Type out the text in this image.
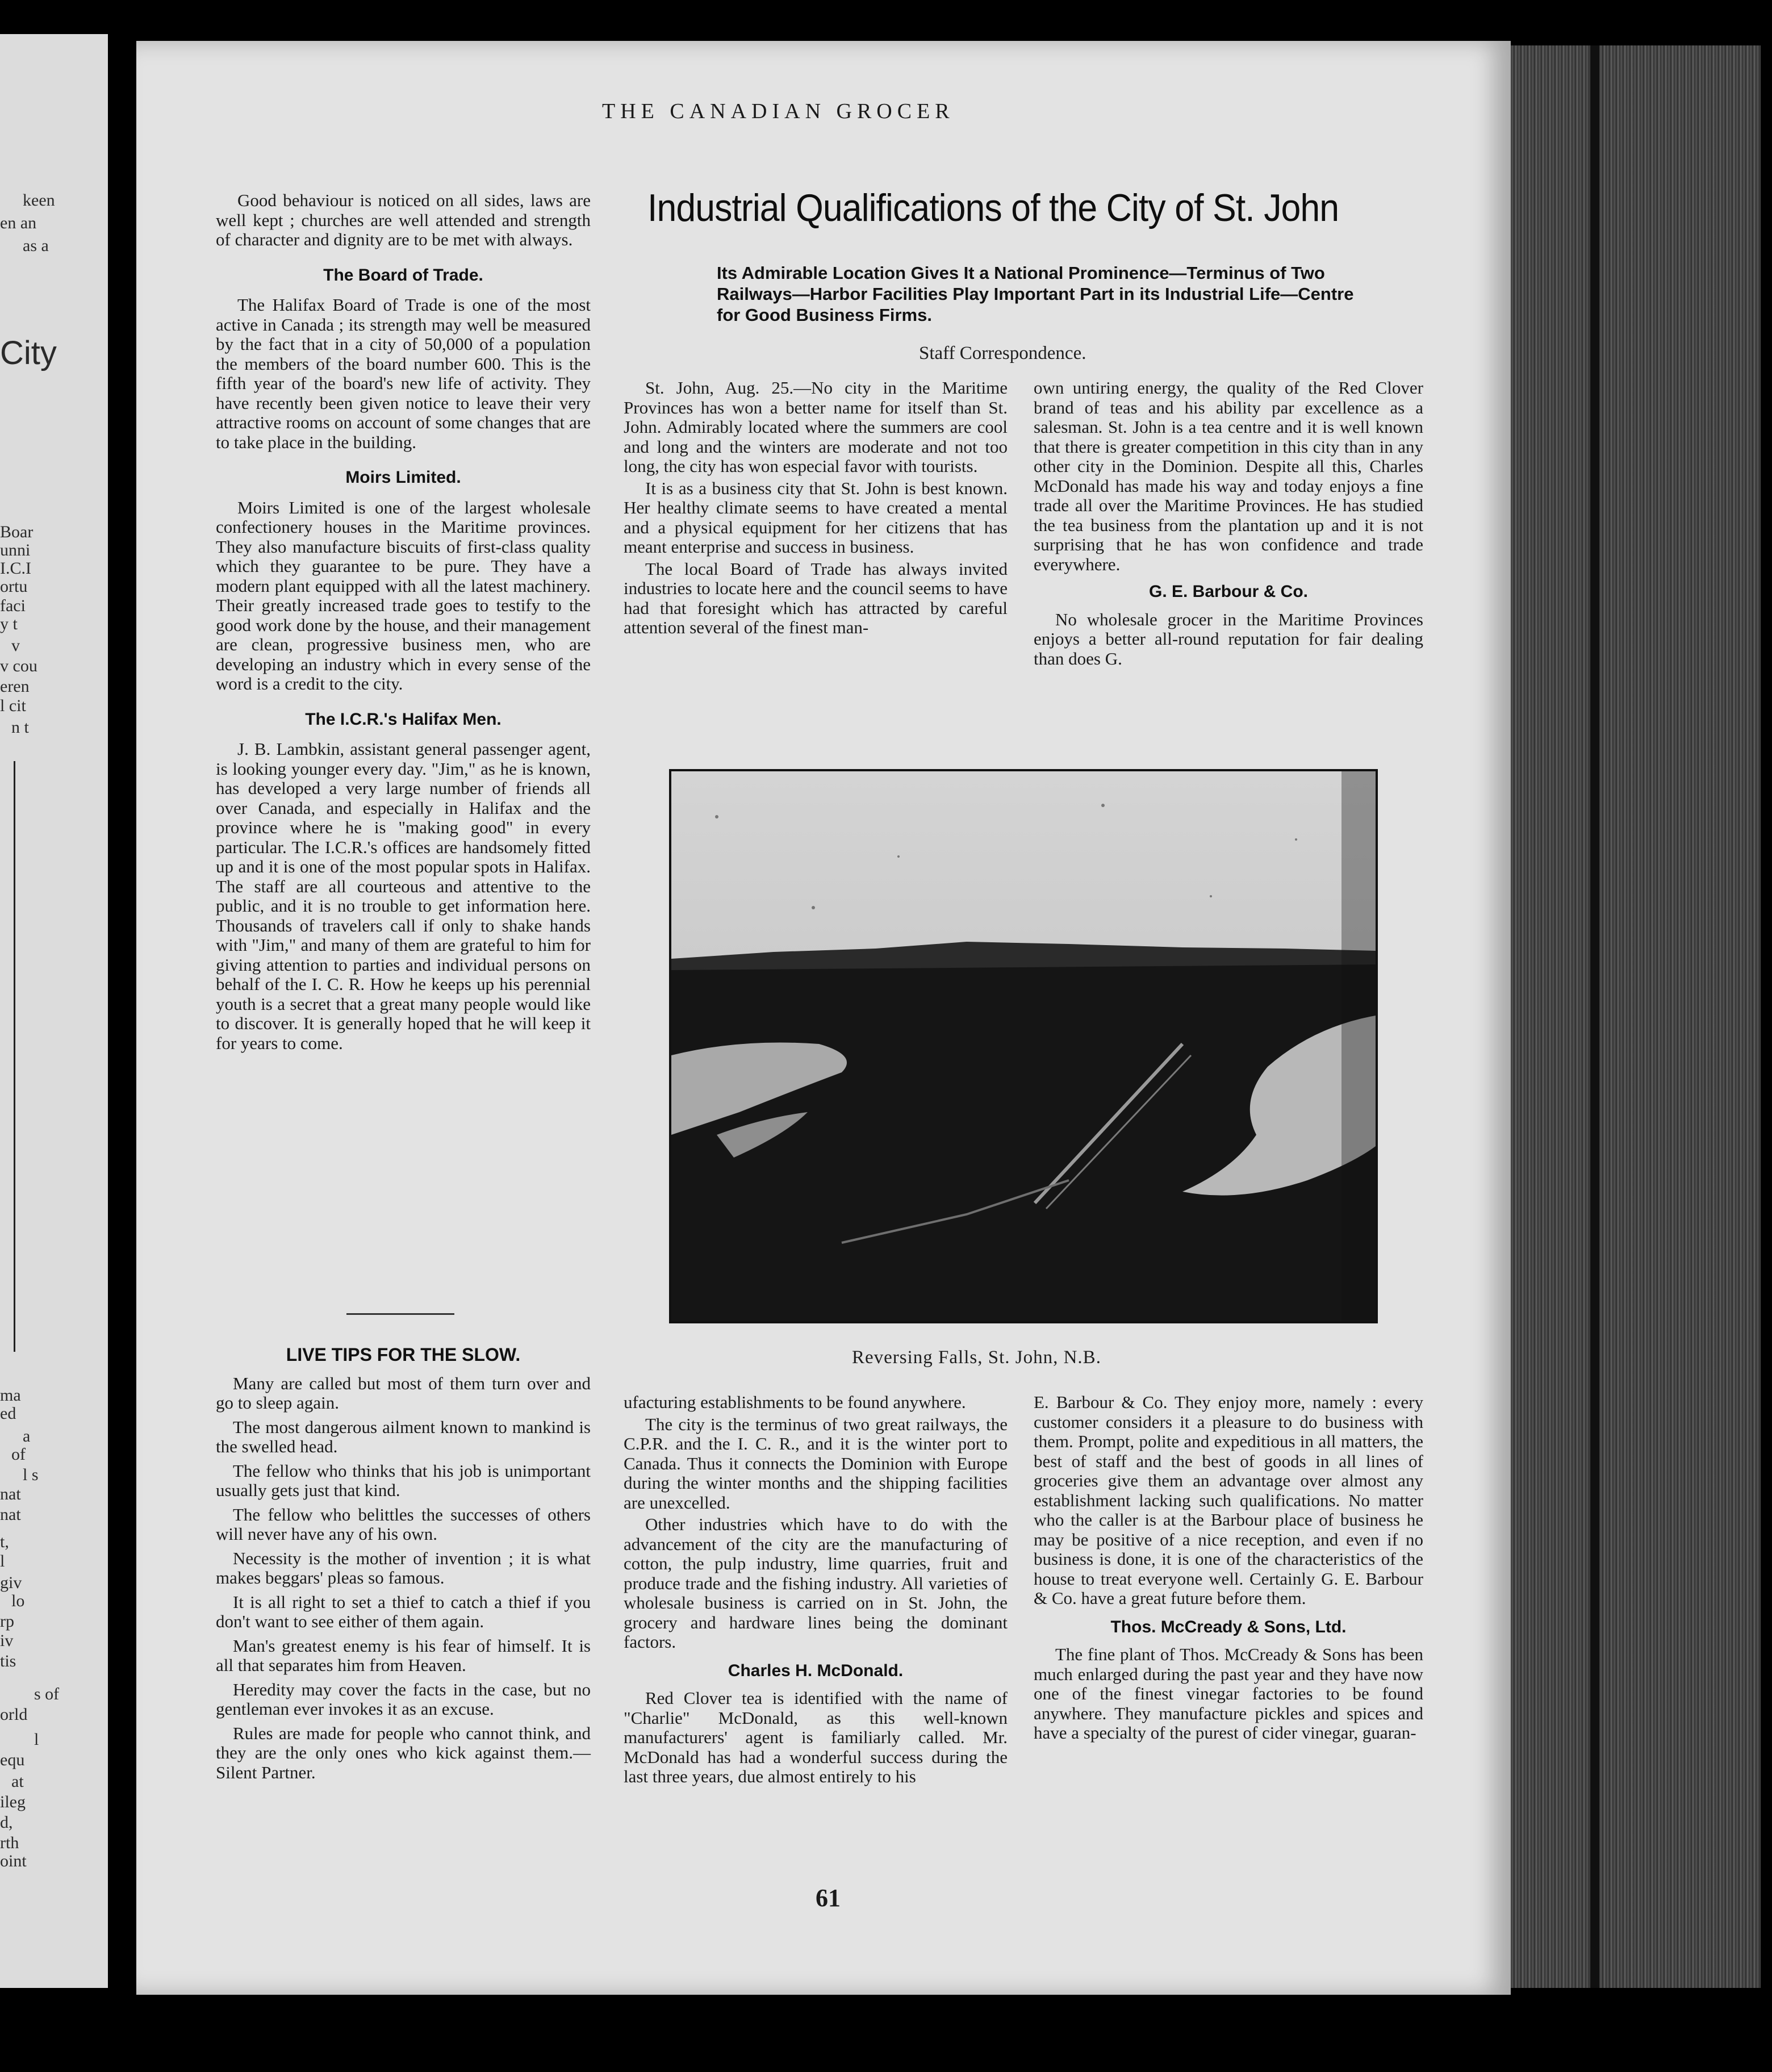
keen
en an
as a
City
Boar
unni
I.C.I
ortu
faci
y t
v
v cou
eren
l cit
n t
ma
ed
a
of
l s
nat
nat
t,
l
giv
lo
rp
iv
tis
s of
orld
l
equ
at
ileg
d,
rth
oint
THE CANADIAN GROCER
Industrial Qualifications of the City of St. John
Its Admirable Location Gives It a National Prominence—Terminus of Two Railways—Harbor Facilities Play Important Part in its Industrial Life—Centre for Good Business Firms.
Staff Correspondence.

Good behaviour is noticed on all sides, laws are well kept ; churches are well attended and strength of character and dignity are to be met with always.

The Board of Trade.

The Halifax Board of Trade is one of the most active in Canada ; its strength may well be measured by the fact that in a city of 50,000 of a population the members of the board number 600. This is the fifth year of the board's new life of activity. They have recently been given notice to leave their very attractive rooms on account of some changes that are to take place in the building.

Moirs Limited.

Moirs Limited is one of the largest wholesale confectionery houses in the Maritime provinces. They also manufacture biscuits of first-class quality which they guarantee to be pure. They have a modern plant equipped with all the latest machinery. Their greatly increased trade goes to testify to the good work done by the house, and their management are clean, progressive business men, who are developing an industry which in every sense of the word is a credit to the city.

The I.C.R.'s Halifax Men.

J. B. Lambkin, assistant general passenger agent, is looking younger every day. "Jim," as he is known, has developed a very large number of friends all over Canada, and especially in Halifax and the province where he is "making good" in every particular. The I.C.R.'s offices are handsomely fitted up and it is one of the most popular spots in Halifax. The staff are all courteous and attentive to the public, and it is no trouble to get information here. Thousands of travelers call if only to shake hands with "Jim," and many of them are grateful to him for giving attention to parties and individual persons on behalf of the I. C. R. How he keeps up his perennial youth is a secret that a great many people would like to discover. It is generally hoped that he will keep it for years to come.

LIVE TIPS FOR THE SLOW.

Many are called but most of them turn over and go to sleep again.

The most dangerous ailment known to mankind is the swelled head.

The fellow who thinks that his job is unimportant usually gets just that kind.

The fellow who belittles the successes of others will never have any of his own.

Necessity is the mother of invention ; it is what makes beggars' pleas so famous.

It is all right to set a thief to catch a thief if you don't want to see either of them again.

Man's greatest enemy is his fear of himself. It is all that separates him from Heaven.

Heredity may cover the facts in the case, but no gentleman ever invokes it as an excuse.

Rules are made for people who cannot think, and they are the only ones who kick against them.—Silent Partner.

St. John, Aug. 25.—No city in the Maritime Provinces has won a better name for itself than St. John. Admirably located where the summers are cool and long and the winters are moderate and not too long, the city has won especial favor with tourists.

It is as a business city that St. John is best known. Her healthy climate seems to have created a mental and a physical equipment for her citizens that has meant enterprise and success in business.

The local Board of Trade has always invited industries to locate here and the council seems to have had that foresight which has attracted by careful attention several of the finest man-

own untiring energy, the quality of the Red Clover brand of teas and his ability par excellence as a salesman. St. John is a tea centre and it is well known that there is greater competition in this city than in any other city in the Dominion. Despite all this, Charles McDonald has made his way and today enjoys a fine trade all over the Maritime Provinces. He has studied the tea business from the plantation up and it is not surprising that he has won confidence and trade everywhere.

G. E. Barbour & Co.

No wholesale grocer in the Maritime Provinces enjoys a better all-round reputation for fair dealing than does G.

Reversing Falls, St. John, N.B.

ufacturing establishments to be found anywhere.

The city is the terminus of two great railways, the C.P.R. and the I. C. R., and it is the winter port to Canada. Thus it connects the Dominion with Europe during the winter months and the shipping facilities are unexcelled.

Other industries which have to do with the advancement of the city are the manufacturing of cotton, the pulp industry, lime quarries, fruit and produce trade and the fishing industry. All varieties of wholesale business is carried on in St. John, the grocery and hardware lines being the dominant factors.

Charles H. McDonald.

Red Clover tea is identified with the name of "Charlie" McDonald, as this well-known manufacturers' agent is familiarly called. Mr. McDonald has had a wonderful success during the last three years, due almost entirely to his

E. Barbour & Co. They enjoy more, namely : every customer considers it a pleasure to do business with them. Prompt, polite and expeditious in all matters, the best of staff and the best of goods in all lines of groceries give them an advantage over almost any establishment lacking such qualifications. No matter who the caller is at the Barbour place of business he may be positive of a nice reception, and even if no business is done, it is one of the characteristics of the house to treat everyone well. Certainly G. E. Barbour & Co. have a great future before them.

Thos. McCready & Sons, Ltd.

The fine plant of Thos. McCready & Sons has been much enlarged during the past year and they have now one of the finest vinegar factories to be found anywhere. They manufacture pickles and spices and have a specialty of the purest of cider vinegar, guaran-

61
